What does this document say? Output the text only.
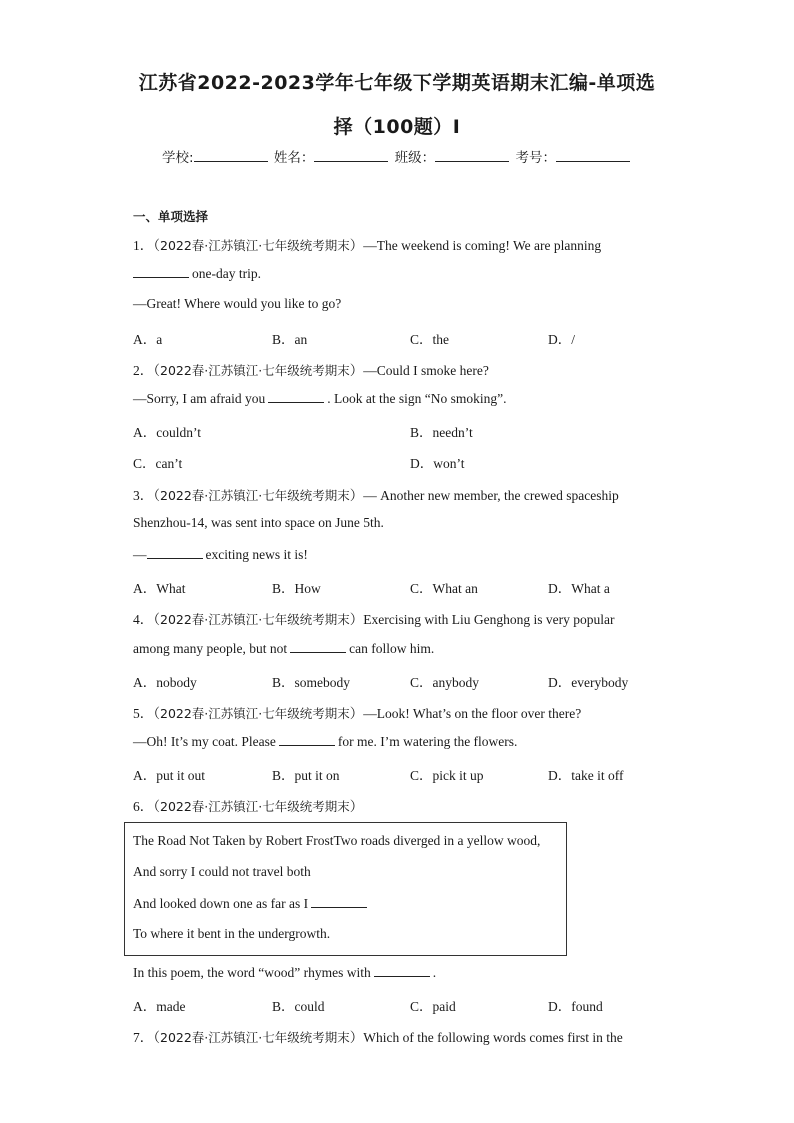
江苏省2022-2023学年七年级下学期英语期末汇编-单项选
择（100题）Ⅰ
学校:	姓名：	班级：	考号：
一、单项选择
1．（2022春·江苏镇江·七年级统考期末）—The weekend is coming! We are planning
one-day trip.
—Great! Where would you like to go?
A．a	B．an	C．the	D．/
2．（2022春·江苏镇江·七年级统考期末）—Could I smoke here?
—Sorry, I am afraid you	. Look at the sign “No smoking”.
A．couldn’t	B．needn’t
C．can’t	D．won’t
3．（2022春·江苏镇江·七年级统考期末）— Another new member, the crewed spaceship
Shenzhou-14, was sent into space on June 5th.
—	exciting news it is!
A．What	B．How	C．What an	D．What a
4．（2022春·江苏镇江·七年级统考期末）Exercising with Liu Genghong is very popular
among many people, but not	can follow him.
A．nobody	B．somebody	C．anybody	D．everybody
5．（2022春·江苏镇江·七年级统考期末）—Look! What’s on the floor over there?
—Oh! It’s my coat. Please	for me. I’m watering the flowers.
A．put it out	B．put it on	C．pick it up	D．take it off
6．（2022春·江苏镇江·七年级统考期末）
The Road Not Taken by Robert FrostTwo roads diverged in a yellow wood,
And sorry I could not travel both
And looked down one as far as I
To where it bent in the undergrowth.
In this poem, the word “wood” rhymes with	.
A．made	B．could	C．paid	D．found
7．（2022春·江苏镇江·七年级统考期末）Which of the following words comes first in the
